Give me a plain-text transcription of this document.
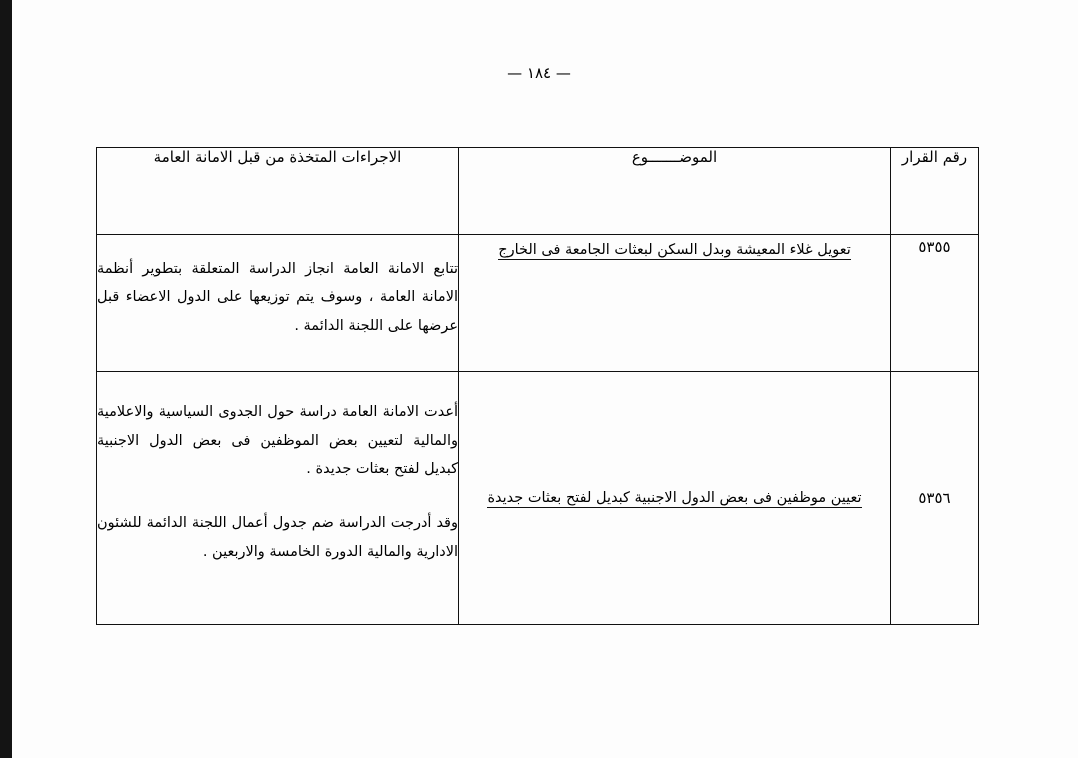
— ١٨٤ —
رقم القرار	الموضـــــــوع	الاجراءات المتخذة من قبل الامانة العامة
٥٣٥٥	تعويل غلاء المعيشة وبدل السكن لبعثات الجامعة فى الخارج	تتابع الامانة العامة انجاز الدراسة المتعلقة بتطوير أنظمة الامانة العامة ، وسوف يتم توزيعها على الدول الاعضاء قبل عرضها على اللجنة الدائمة .

٥٣٥٦	تعيين موظفين فى بعض الدول الاجنبية كبديل لفتح بعثات جديدة	أعدت الامانة العامة دراسة حول الجدوى السياسية والاعلامية والمالية لتعيين بعض الموظفين فى بعض الدول الاجنبية كبديل لفتح بعثات جديدة .

وقد أدرجت الدراسة ضم جدول أعمال اللجنة الدائمة للشئون الادارية والمالية الدورة الخامسة والاربعين .
